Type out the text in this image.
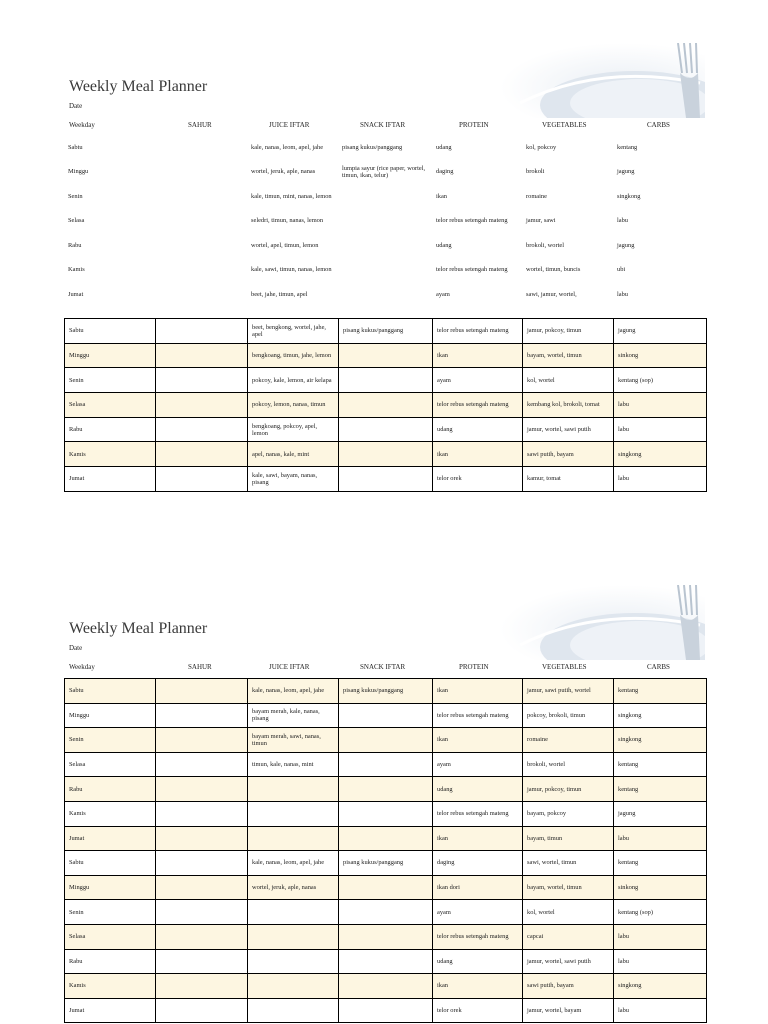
Weekly Meal Planner
Date
Weekday	SAHUR	JUICE IFTAR	SNACK IFTAR	PROTEIN	VEGETABLES	CARBS
Sabtu		kale, nanas, leom, apel, jahe	pisang kukus/panggang	udang	kol, pokcoy	kentang
Minggu		wortel, jeruk, aple, nanas	lumpia sayur (rice paper, wortel, timun, ikan, telur)	daging	brokoli	jagung
Senin		kale, timun, mint, nanas, lemon		ikan	romaine	singkong
Selasa		seledri, timun, nanas, lemon		telor rebus setengah mateng	jamur, sawi	labu
Rabu		wortel, apel, timun, lemon		udang	brokoli, wortel	jagung
Kamis		kale, sawi, timun, nanas, lemon		telor rebus setengah mateng	wortel, timun, buncis	ubi
Jumat		beet, jahe, timun, apel		ayam	sawi, jamur, wortel,	labu
Sabtu		beet, bengkong, wortel, jahe, apel	pisang kukus/panggang	telor rebus setengah mateng	jamur, pokcoy, timun	jagung
Minggu		bengkoang, timun, jahe, lemon		ikan	bayam, wortel, timun	sinkong
Senin		pokcoy, kale, lemon, air kelapa		ayam	kol, wortel	kentang (sop)
Selasa		pokcoy, lemon, nanas, timun		telor rebus setengah mateng	kembang kol, brokoli, tomat	labu
Rabu		bengkoang, pokcoy, apel, lemon		udang	jamur, wortel, sawi putih	labu
Kamis		apel, nanas, kale, mint		ikan	sawi putih, bayam	singkong
Jumat		kale, sawi, bayam, nanas, pisang		telor orek	kamur, tomat	labu
Weekly Meal Planner
Date
Weekday	SAHUR	JUICE IFTAR	SNACK IFTAR	PROTEIN	VEGETABLES	CARBS
Sabtu		kale, nanas, leom, apel, jahe	pisang kukus/panggang	ikan	jamur, sawi putih, wortel	kentang
Minggu		bayam merah, kale, nanas, pisang		telor rebus setengah mateng	pokcoy, brokoli, timun	singkong
Senin		bayam merah, sawi, nanas, timun		ikan	romaine	singkong
Selasa		timun, kale, nanas, mint		ayam	brokoli, wortel	kentang
Rabu				udang	jamur, pokcoy, timun	kentang
Kamis				telor rebus setengah mateng	bayam, pokcoy	jagung
Jumat				ikan	bayam, timun	labu
Sabtu		kale, nanas, leom, apel, jahe	pisang kukus/panggang	daging	sawi, wortel, timun	kentang
Minggu		wortel, jeruk, aple, nanas		ikan dori	bayam, wortel, timun	sinkong
Senin				ayam	kol, wortel	kentang (sop)
Selasa				telor rebus setengah mateng	capcai	labu
Rabu				udang	jamur, wortel, sawi putih	labu
Kamis				ikan	sawi putih, bayam	singkong
Jumat				telor orek	jamur, wortel, bayam	labu
